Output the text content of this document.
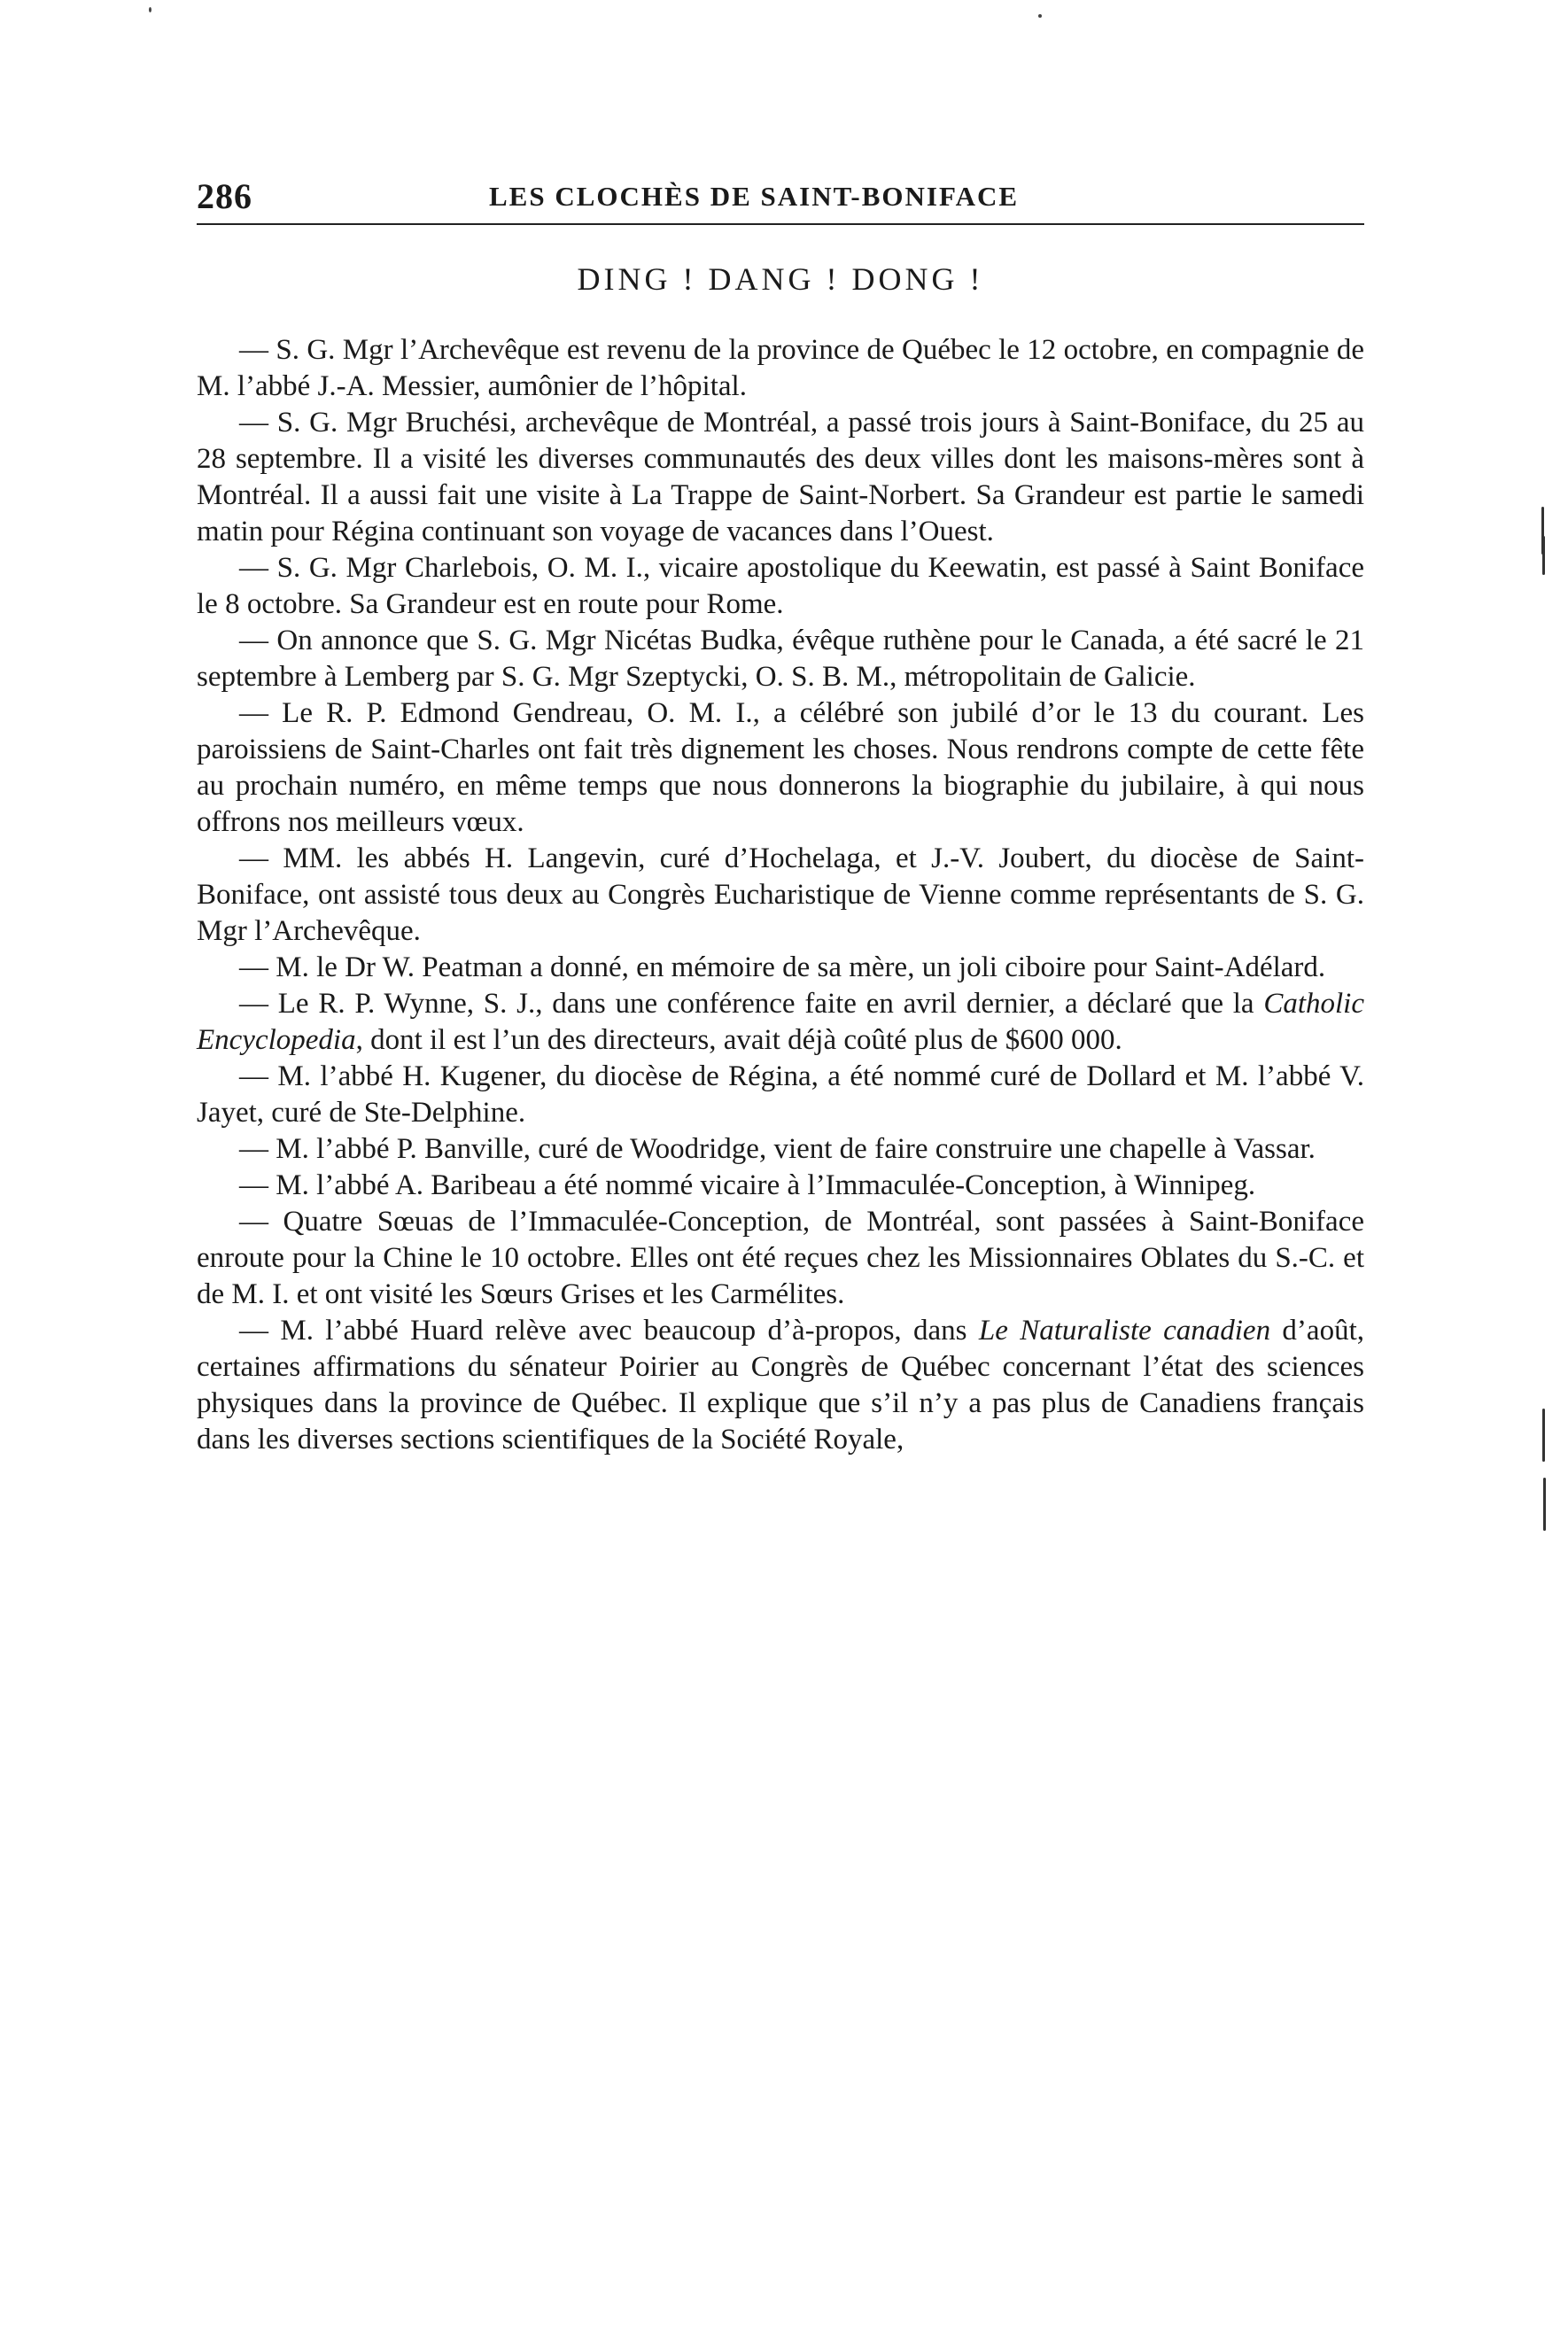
286	LES CLOCHÈS DE SAINT-BONIFACE
DING ! DANG ! DONG !

— S. G. Mgr l’Archevêque est revenu de la province de Québec le 12 octobre, en compagnie de M. l’abbé J.-A. Messier, aumônier de l’hôpital.

— S. G. Mgr Bruchési, archevêque de Montréal, a passé trois jours à Saint-Boniface, du 25 au 28 septembre. Il a visité les diverses communautés des deux villes dont les maisons-mères sont à Montréal. Il a aussi fait une visite à La Trappe de Saint-Norbert. Sa Grandeur est partie le samedi matin pour Régina continuant son voyage de vacances dans l’Ouest.

— S. G. Mgr Charlebois, O. M. I., vicaire apostolique du Keewatin, est passé à Saint Boniface le 8 octobre. Sa Grandeur est en route pour Rome.

— On annonce que S. G. Mgr Nicétas Budka, évêque ruthène pour le Canada, a été sacré le 21 septembre à Lemberg par S. G. Mgr Szeptycki, O. S. B. M., métropolitain de Galicie.

— Le R. P. Edmond Gendreau, O. M. I., a célébré son jubilé d’or le 13 du courant. Les paroissiens de Saint-Charles ont fait très dignement les choses. Nous rendrons compte de cette fête au prochain numéro, en même temps que nous donnerons la biographie du jubilaire, à qui nous offrons nos meilleurs vœux.

— MM. les abbés H. Langevin, curé d’Hochelaga, et J.-V. Joubert, du diocèse de Saint-Boniface, ont assisté tous deux au Congrès Eucharistique de Vienne comme représentants de S. G. Mgr l’Archevêque.

— M. le Dr W. Peatman a donné, en mémoire de sa mère, un joli ciboire pour Saint-Adélard.

— Le R. P. Wynne, S. J., dans une conférence faite en avril dernier, a déclaré que la Catholic Encyclopedia, dont il est l’un des directeurs, avait déjà coûté plus de $600 000.

— M. l’abbé H. Kugener, du diocèse de Régina, a été nommé curé de Dollard et M. l’abbé V. Jayet, curé de Ste-Delphine.

— M. l’abbé P. Banville, curé de Woodridge, vient de faire construire une chapelle à Vassar.

— M. l’abbé A. Baribeau a été nommé vicaire à l’Immaculée-Conception, à Winnipeg.

— Quatre Sœuas de l’Immaculée-Conception, de Montréal, sont passées à Saint-Boniface enroute pour la Chine le 10 octobre. Elles ont été reçues chez les Missionnaires Oblates du S.-C. et de M. I. et ont visité les Sœurs Grises et les Carmélites.

— M. l’abbé Huard relève avec beaucoup d’à-propos, dans Le Naturaliste canadien d’août, certaines affirmations du sénateur Poirier au Congrès de Québec concernant l’état des sciences physiques dans la province de Québec. Il explique que s’il n’y a pas plus de Canadiens français dans les diverses sections scientifiques de la Société Royale,
